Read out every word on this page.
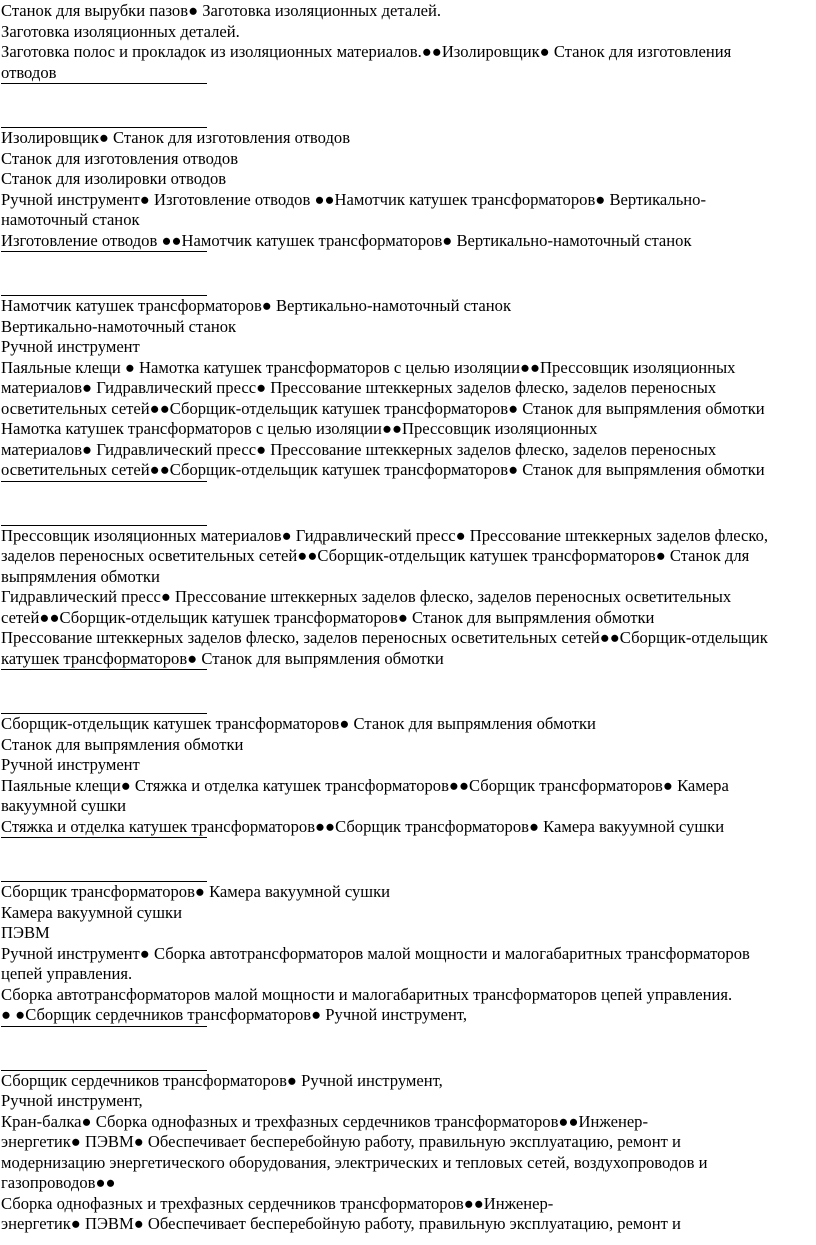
Станок для вырубки пазов● Заготовка изоляционных деталей.
Заготовка изоляционных деталей.
Заготовка полос и прокладок из изоляционных материалов.●●Изолировщик● Станок для изготовления
отводов
Изолировщик● Станок для изготовления отводов
Станок для изготовления отводов
Станок для изолировки отводов
Ручной инструмент● Изготовление отводов ●●Намотчик катушек трансформаторов● Вертикально-
намоточный станок
Изготовление отводов ●●Намотчик катушек трансформаторов● Вертикально-намоточный станок
Намотчик катушек трансформаторов● Вертикально-намоточный станок
Вертикально-намоточный станок
Ручной инструмент
Паяльные клещи ● Намотка катушек трансформаторов с целью изоляции●●Прессовщик изоляционных
материалов● Гидравлический пресс● Прессование штеккерных заделов флеско, заделов переносных
осветительных сетей●●Сборщик-отдельщик катушек трансформаторов● Станок для выпрямления обмотки
Намотка катушек трансформаторов с целью изоляции●●Прессовщик изоляционных
материалов● Гидравлический пресс● Прессование штеккерных заделов флеско, заделов переносных
осветительных сетей●●Сборщик-отдельщик катушек трансформаторов● Станок для выпрямления обмотки
Прессовщик изоляционных материалов● Гидравлический пресс● Прессование штеккерных заделов флеско,
заделов переносных осветительных сетей●●Сборщик-отдельщик катушек трансформаторов● Станок для
выпрямления обмотки
Гидравлический пресс● Прессование штеккерных заделов флеско, заделов переносных осветительных
сетей●●Сборщик-отдельщик катушек трансформаторов● Станок для выпрямления обмотки
Прессование штеккерных заделов флеско, заделов переносных осветительных сетей●●Сборщик-отдельщик
катушек трансформаторов● Станок для выпрямления обмотки
Сборщик-отдельщик катушек трансформаторов● Станок для выпрямления обмотки
Станок для выпрямления обмотки
Ручной инструмент
Паяльные клещи● Стяжка и отделка катушек трансформаторов●●Сборщик трансформаторов● Камера
вакуумной сушки
Стяжка и отделка катушек трансформаторов●●Сборщик трансформаторов● Камера вакуумной сушки
Сборщик трансформаторов● Камера вакуумной сушки
Камера вакуумной сушки
ПЭВМ
Ручной инструмент● Сборка автотрансформаторов малой мощности и малогабаритных трансформаторов
цепей управления.
Сборка автотрансформаторов малой мощности и малогабаритных трансформаторов цепей управления.
● ●Сборщик сердечников трансформаторов● Ручной инструмент,
Сборщик сердечников трансформаторов● Ручной инструмент,
Ручной инструмент,
Кран-балка● Сборка однофазных и трехфазных сердечников трансформаторов●●Инженер-
энергетик● ПЭВМ● Обеспечивает бесперебойную работу, правильную эксплуатацию, ремонт и
модернизацию энергетического оборудования, электрических и тепловых сетей, воздухопроводов и
газопроводов●●
Сборка однофазных и трехфазных сердечников трансформаторов●●Инженер-
энергетик● ПЭВМ● Обеспечивает бесперебойную работу, правильную эксплуатацию, ремонт и
